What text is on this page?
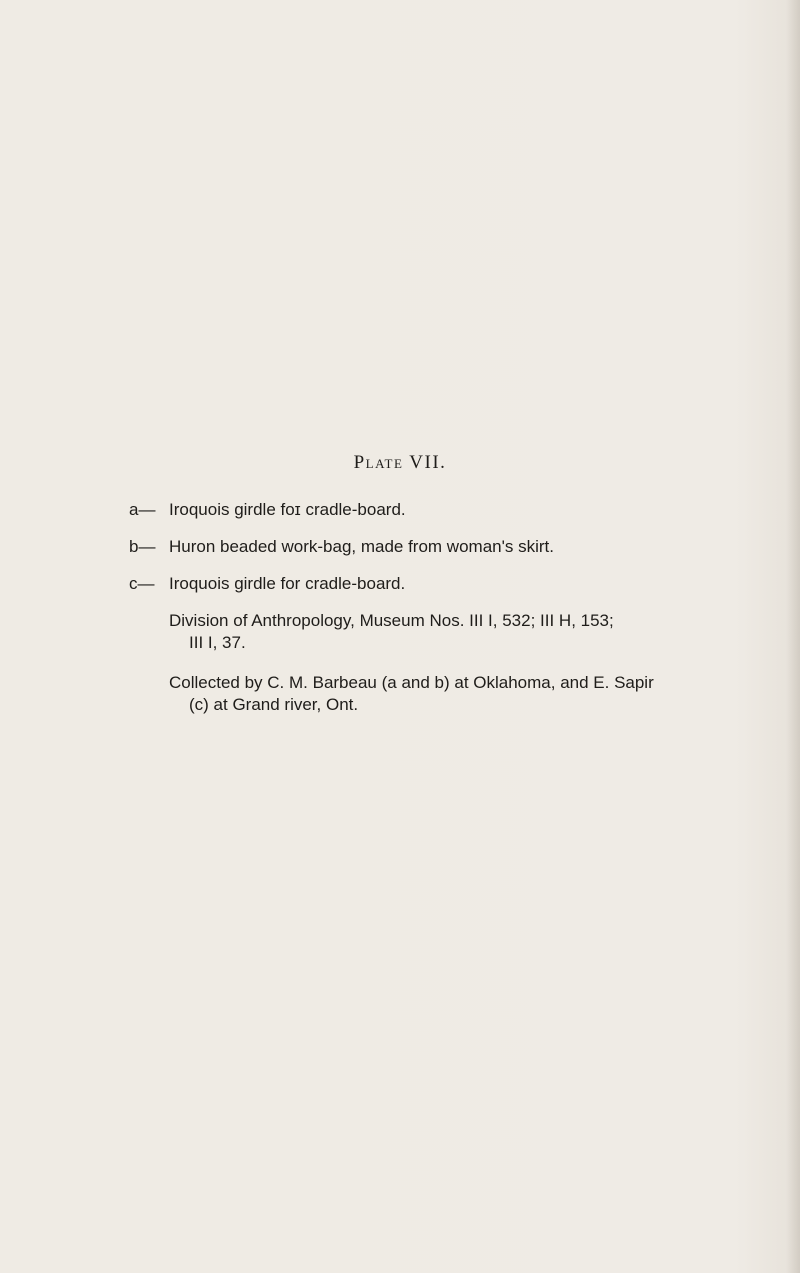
Plate VII.
a— Iroquois girdle foɪ cradle-board.
b— Huron beaded work-bag, made from woman's skirt.
c— Iroquois girdle for cradle-board.
Division of Anthropology, Museum Nos. III I, 532; III H, 153;
III I, 37.
Collected by C. M. Barbeau (a and b) at Oklahoma, and E. Sapir
(c) at Grand river, Ont.
